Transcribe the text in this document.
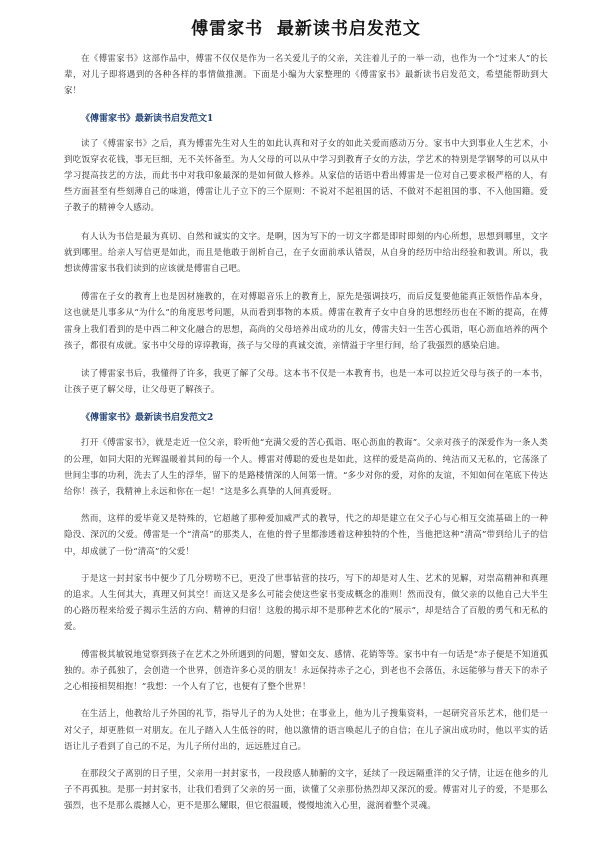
傅雷家书  最新读书启发范文

在《傅雷家书》这部作品中，傅雷不仅仅是作为一名关爱儿子的父亲，关注着儿子的一举一动，也作为一个“过来人”的长辈，对儿子即将遇到的各种各样的事情做推测。下面是小编为大家整理的《傅雷家书》最新读书启发范文，希望能帮助到大家！

《傅雷家书》最新读书启发范文1

读了《傅雷家书》之后，真为傅雷先生对人生的如此认真和对子女的如此关爱而感动万分。家书中大到事业人生艺术，小到吃饭穿衣花钱，事无巨细，无不关怀备至。为人父母的可以从中学习到教育子女的方法，学艺术的特别是学钢琴的可以从中学习提高技艺的方法，而此书中对我印象最深的是如何做人修养。从家信的话语中看出傅雷是一位对自己要求极严格的人，有些方面甚至有些刻薄自己的味道，傅雷让儿子立下的三个原则：不说对不起祖国的话、不做对不起祖国的事、不入他国籍。爱子教子的精神令人感动。

有人认为书信是最为真切、自然和诚实的文字。是啊，因为写下的一切文字都是即时即刻的内心所想，思想到哪里，文字就到哪里。给亲人写信更是如此，而且是他敢于剖析自己，在子女面前承认错误，从自身的经历中给出经验和教训。所以，我想读傅雷家书我们读到的应该就是傅雷自己吧。

傅雷在子女的教育上也是因材施教的，在对傅聪音乐上的教育上，原先是强调技巧，而后反复要他能真正领悟作品本身，这也就是儿事多从“为什么”的角度思考问题，从而看到事物的本质。傅雷在教育子女中自身的思想经历也在不断的提高，在傅雷身上我们看到的是中西二种文化融合的思想，高尚的父母培养出成功的儿女，傅雷夫妇一生苦心孤诣，呕心沥血培养的两个孩子，都很有成就。家书中父母的谆谆教诲，孩子与父母的真诚交流，亲情溢于字里行间，给了我强烈的感染启迪。

读了傅雷家书后，我懂得了许多，我更了解了父母。这本书不仅是一本教育书，也是一本可以拉近父母与孩子的一本书，让孩子更了解父母，让父母更了解孩子。

《傅雷家书》最新读书启发范文2

打开《傅雷家书》，就是走近一位父亲，聆听他“充满父爱的苦心孤诣、呕心沥血的教诲”。父亲对孩子的深爱作为一条人类的公理，如同大阳的光辉温暖着其间的每一个人。傅雷对傅聪的爱也是如此，这样的爱是高尚的、纯洁而又无私的，它荡涤了世间尘事的功利，洗去了人生的浮华，留下的是路楼情深的人间第一情。“多少对你的爱，对你的友谊，不知如何在笔底下传达给你！孩子，我精神上永远和你在一起！”这是多么真挚的人间真爱呀。

然而，这样的爱毕竟又是特殊的，它超越了那种爱加威严式的教导，代之的却是建立在父子心与心相互交流基础上的一种隐没、深沉的父爱。傅雷是一个“清高”的那类人，在他的骨子里都渗透着这种独特的个性，当他把这种“清高”带到给儿子的信中，却成就了一份“清高”的父爱！

于是这一封封家书中便少了几分唠唠不已，更没了世事钻营的技巧，写下的却是对人生、艺术的见解，对崇高精神和真理的追求。人生何其大，真理又何其空！而这又是多么可能会使这些家书变成概念的准则！然而没有，做父亲的以他自己大半生的心路历程来给爱子揭示生活的方向、精神的归宿！这般的揭示却不是那种艺术化的“展示”，却是结合了百般的勇气和无私的爱。

傅雷极其敏锐地觉察到孩子在艺术之外所遇到的问题，譬如交友、感情、花销等等。家书中有一句话是“赤子便是不知道孤独的。赤子孤独了，会创造一个世界，创造许多心灵的朋友！永远保持赤子之心，到老也不会落伍，永远能够与普天下的赤子之心相接相契相抱！”我想：一个人有了它，也便有了整个世界！

在生活上，他教给儿子外国的礼节，指导儿子的为人处世；在事业上，他为儿子搜集资料，一起研究音乐艺术，他们是一对父子，却更胜似一对朋友。在儿子踏入人生低谷的时，他以激情的语言唤起儿子的自信；在儿子演出成功时，他以平实的话语让儿子看到了自己的不足，为儿子所付出的，远远胜过自己。

在那段父子离别的日子里，父亲用一封封家书，一段段感人肺腑的文字，延续了一段远隔重洋的父子情，让远在他乡的儿子不再孤独。是那一封封家书，让我们看到了父亲的另一面，读懂了父亲那份热烈却又深沉的爱。傅雷对儿子的爱，不是那么强烈，也不是那么震撼人心，更不是那么耀眼，但它很温暖，慢慢地流入心里，滋润着整个灵魂。
